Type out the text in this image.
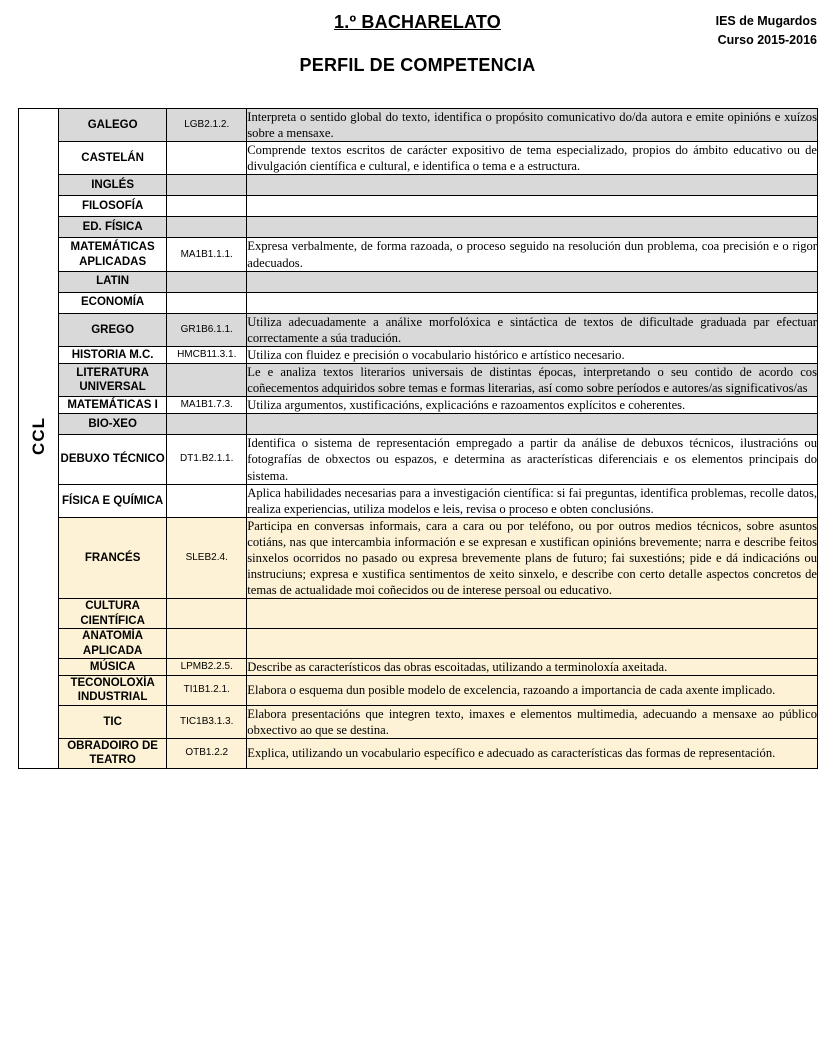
IES de Mugardos
Curso 2015-2016
1.º BACHARELATO
PERFIL DE COMPETENCIA
CCL	GALEGO	LGB2.1.2.	Interpreta o sentido global do texto, identifica o propósito comunicativo do/da autora e emite opinións e xuízos sobre a mensaxe.
	CASTELÁN		Comprende textos escritos de carácter expositivo de tema especializado, propios do ámbito educativo ou de divulgación científica e cultural, e identifica o tema e a estructura.
	INGLÉS		
	FILOSOFÍA		
	ED. FÍSICA		
	MATEMÁTICAS APLICADAS	MA1B1.1.1.	Expresa verbalmente, de forma razoada, o proceso seguido na resolución dun problema, coa precisión e o rigor adecuados.
	LATIN		
	ECONOMÍA		
	GREGO	GR1B6.1.1.	Utiliza adecuadamente a análixe morfolóxica e sintáctica de textos de dificultade graduada par efectuar correctamente a súa tradución.
	HISTORIA M.C.	HMCB11.3.1.	Utiliza con fluidez e precisión o vocabulario histórico e artístico necesario.
	LITERATURA UNIVERSAL		Le e analiza textos literarios universais de distintas épocas, interpretando o seu contido de acordo cos coñecementos adquiridos sobre temas e formas literarias, así como sobre períodos e autores/as significativos/as
	MATEMÁTICAS I	MA1B1.7.3.	Utiliza argumentos, xustificacións, explicacións e razoamentos explícitos e coherentes.
	BIO-XEO		
	DEBUXO TÉCNICO	DT1.B2.1.1.	Identifica o sistema de representación empregado a partir da análise de debuxos técnicos, ilustracións ou fotografías de obxectos ou espazos, e determina as aracterísticas diferenciais e os elementos principais do sistema.
	FÍSICA E QUÍMICA		Aplica habilidades necesarias para a investigación científica: si fai preguntas, identifica problemas, recolle datos, realiza experiencias, utiliza modelos e leis, revisa o proceso e obten conclusións.
	FRANCÉS	SLEB2.4.	Participa en conversas informais, cara a cara ou por teléfono, ou por outros medios técnicos, sobre asuntos cotiáns, nas que intercambia información e se expresan e xustifican opinións brevemente; narra e describe feitos sinxelos ocorridos no pasado ou expresa brevemente plans de futuro; fai suxestións; pide e dá indicacións ou instruciuns; expresa e xustifica sentimentos de xeito sinxelo, e describe con certo detalle aspectos concretos de temas de actualidade moi coñecidos ou de interese persoal ou educativo.
	CULTURA CIENTÍFICA		
	ANATOMÍA APLICADA		
	MÚSICA	LPMB2.2.5.	Describe as característicos das obras escoitadas, utilizando a terminoloxía axeitada.
	TECONOLOXÍA INDUSTRIAL	TI1B1.2.1.	Elabora o esquema dun posible modelo de excelencia, razoando a importancia de cada axente implicado.
	TIC	TIC1B3.1.3.	Elabora presentacións que integren texto, imaxes e elementos multimedia, adecuando a mensaxe ao público obxectivo ao que se destina.
	OBRADOIRO DE TEATRO	OTB1.2.2	Explica, utilizando un vocabulario específico e adecuado as características das formas de representación.
